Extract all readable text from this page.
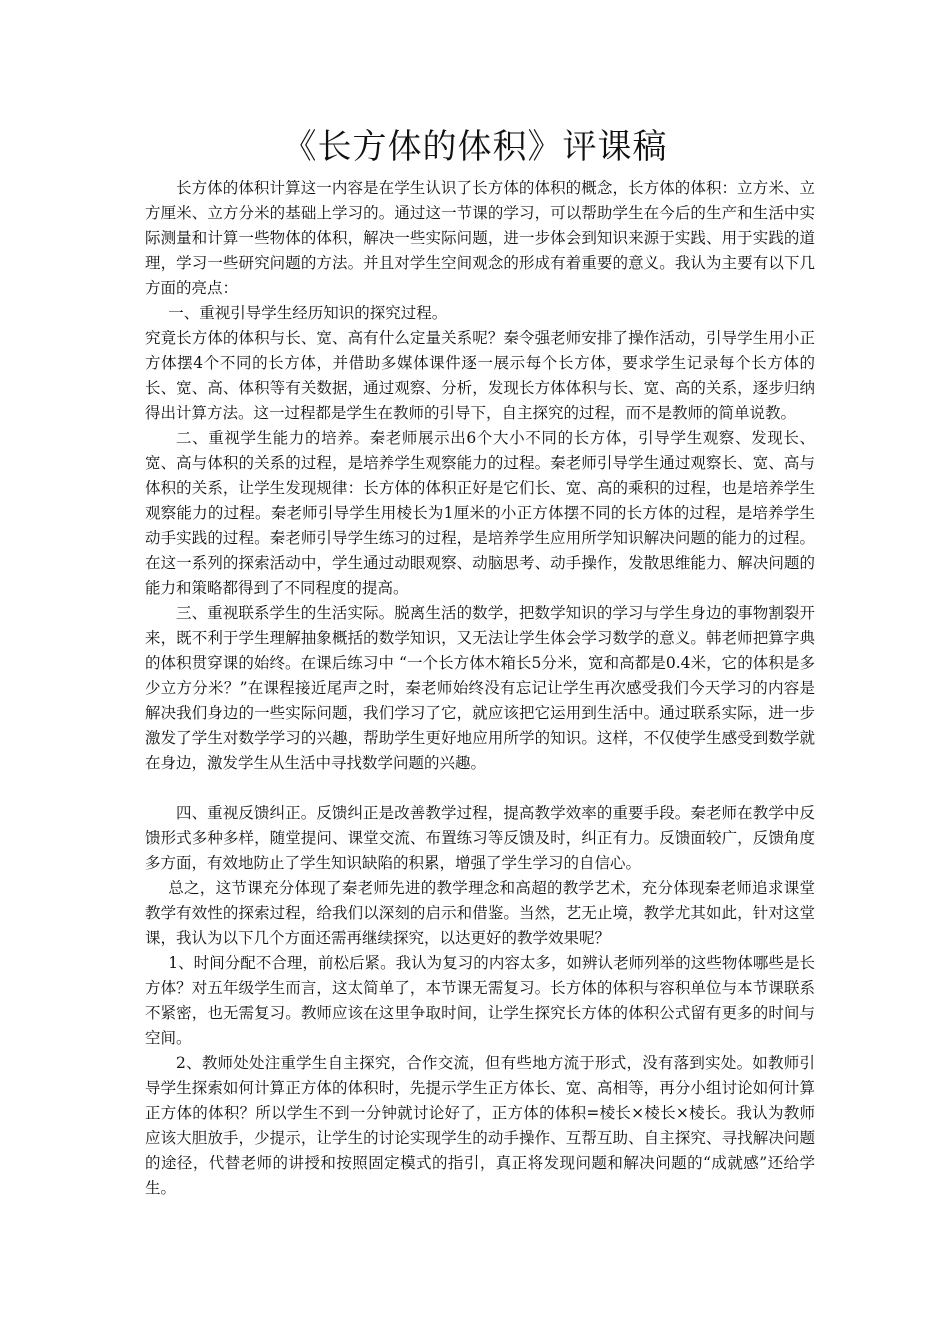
《长方体的体积》评课稿

长方体的体积计算这一内容是在学生认识了长方体的体积的概念，长方体的体积：立方米、立方厘米、立方分米的基础上学习的。通过这一节课的学习，可以帮助学生在今后的生产和生活中实际测量和计算一些物体的体积，解决一些实际问题，进一步体会到知识来源于实践、用于实践的道理，学习一些研究问题的方法。并且对学生空间观念的形成有着重要的意义。我认为主要有以下几方面的亮点：

一、重视引导学生经历知识的探究过程。

究竟长方体的体积与长、宽、高有什么定量关系呢？秦令强老师安排了操作活动，引导学生用小正方体摆4个不同的长方体，并借助多媒体课件逐一展示每个长方体，要求学生记录每个长方体的长、宽、高、体积等有关数据，通过观察、分析，发现长方体体积与长、宽、高的关系，逐步归纳得出计算方法。这一过程都是学生在教师的引导下，自主探究的过程，而不是教师的简单说教。

二、重视学生能力的培养。秦老师展示出6个大小不同的长方体，引导学生观察、发现长、宽、高与体积的关系的过程，是培养学生观察能力的过程。秦老师引导学生通过观察长、宽、高与体积的关系，让学生发现规律：长方体的体积正好是它们长、宽、高的乘积的过程，也是培养学生观察能力的过程。秦老师引导学生用棱长为1厘米的小正方体摆不同的长方体的过程，是培养学生动手实践的过程。秦老师引导学生练习的过程，是培养学生应用所学知识解决问题的能力的过程。在这一系列的探索活动中，学生通过动眼观察、动脑思考、动手操作，发散思维能力、解决问题的能力和策略都得到了不同程度的提高。

三、重视联系学生的生活实际。脱离生活的数学，把数学知识的学习与学生身边的事物割裂开来，既不利于学生理解抽象概括的数学知识，又无法让学生体会学习数学的意义。韩老师把算字典的体积贯穿课的始终。在课后练习中 “一个长方体木箱长5分米，宽和高都是0.4米，它的体积是多少立方分米？”在课程接近尾声之时，秦老师始终没有忘记让学生再次感受我们今天学习的内容是解决我们身边的一些实际问题，我们学习了它，就应该把它运用到生活中。通过联系实际，进一步激发了学生对数学学习的兴趣，帮助学生更好地应用所学的知识。这样，不仅使学生感受到数学就在身边，激发学生从生活中寻找数学问题的兴趣。

四、重视反馈纠正。反馈纠正是改善教学过程，提高教学效率的重要手段。秦老师在教学中反馈形式多种多样，随堂提问、课堂交流、布置练习等反馈及时，纠正有力。反馈面较广，反馈角度多方面，有效地防止了学生知识缺陷的积累，增强了学生学习的自信心。

总之，这节课充分体现了秦老师先进的教学理念和高超的教学艺术，充分体现秦老师追求课堂教学有效性的探索过程，给我们以深刻的启示和借鉴。当然，艺无止境，教学尤其如此，针对这堂课，我认为以下几个方面还需再继续探究，以达更好的教学效果呢？

1、时间分配不合理，前松后紧。我认为复习的内容太多，如辨认老师列举的这些物体哪些是长方体？对五年级学生而言，这太简单了，本节课无需复习。长方体的体积与容积单位与本节课联系不紧密，也无需复习。教师应该在这里争取时间，让学生探究长方体的体积公式留有更多的时间与空间。

2、教师处处注重学生自主探究，合作交流，但有些地方流于形式，没有落到实处。如教师引导学生探索如何计算正方体的体积时，先提示学生正方体长、宽、高相等，再分小组讨论如何计算正方体的体积？所以学生不到一分钟就讨论好了，正方体的体积=棱长×棱长×棱长。我认为教师应该大胆放手，少提示，让学生的讨论实现学生的动手操作、互帮互助、自主探究、寻找解决问题的途径，代替老师的讲授和按照固定模式的指引，真正将发现问题和解决问题的“成就感”还给学生。
